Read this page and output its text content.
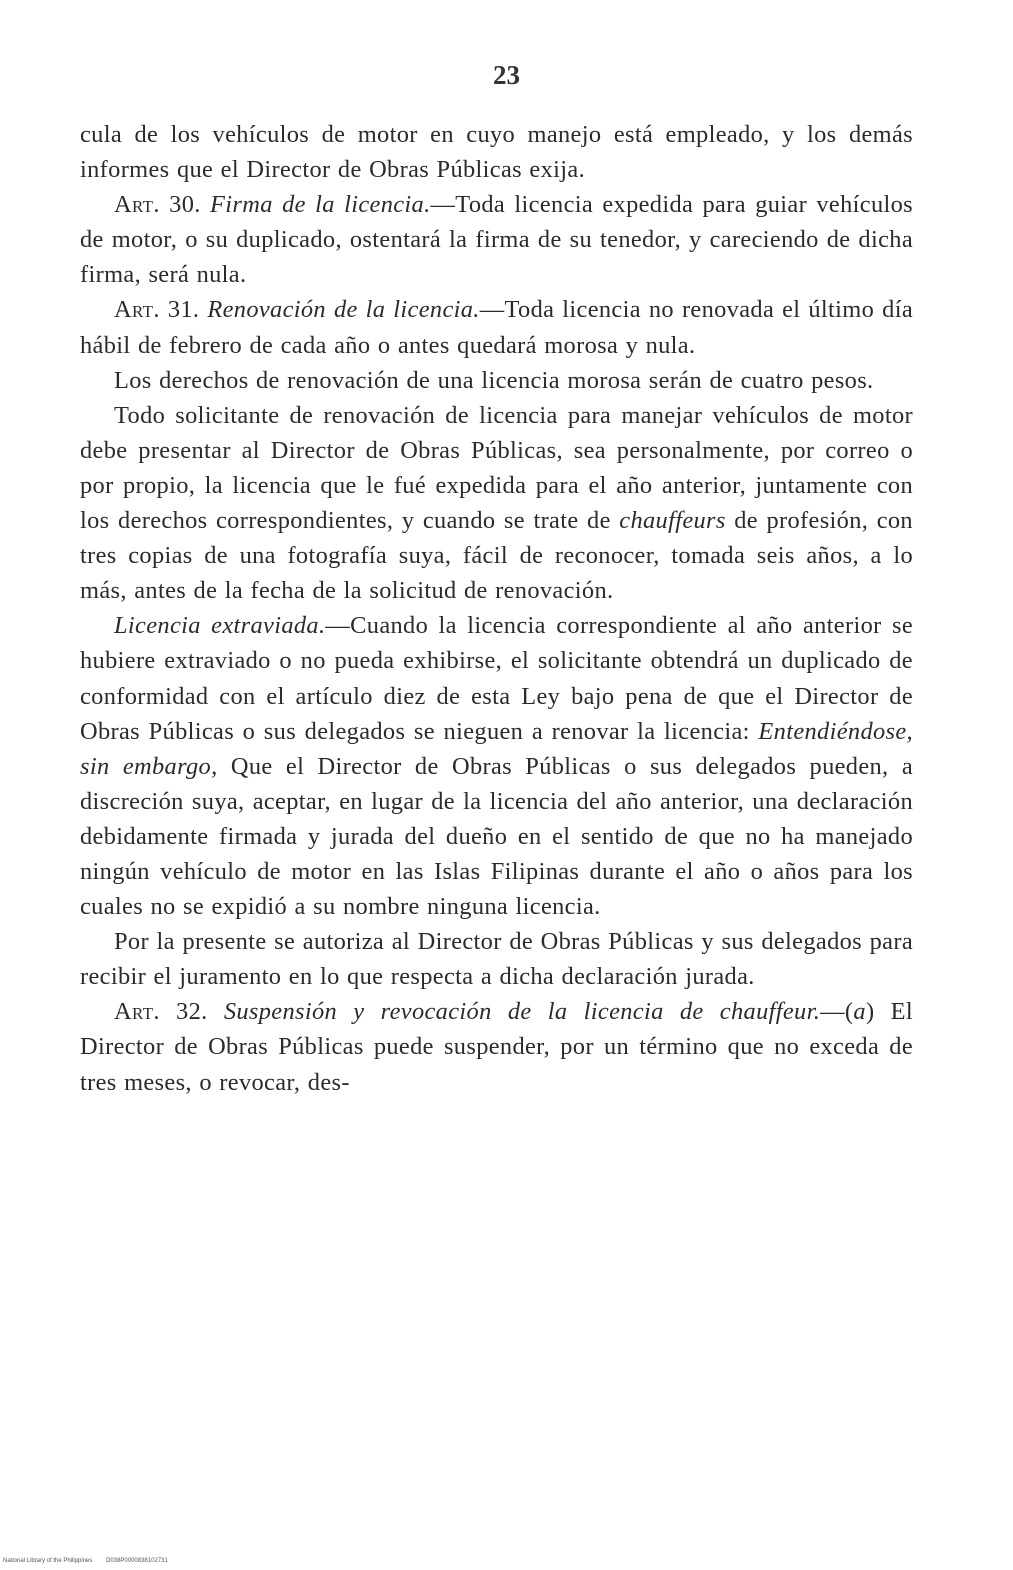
23

cula de los vehículos de motor en cuyo manejo está empleado, y los demás informes que el Director de Obras Públicas exija.

Art. 30. Firma de la licencia.—Toda licencia expedida para guiar vehículos de motor, o su duplicado, ostentará la firma de su tenedor, y careciendo de dicha firma, será nula.

Art. 31. Renovación de la licencia.—Toda licencia no renovada el último día hábil de febrero de cada año o antes quedará morosa y nula.

Los derechos de renovación de una licencia morosa serán de cuatro pesos.

Todo solicitante de renovación de licencia para manejar vehículos de motor debe presentar al Director de Obras Públicas, sea personalmente, por correo o por propio, la licencia que le fué expedida para el año anterior, juntamente con los derechos correspondientes, y cuando se trate de chauffeurs de profesión, con tres copias de una fotografía suya, fácil de reconocer, tomada seis años, a lo más, antes de la fecha de la solicitud de renovación.

Licencia extraviada.—Cuando la licencia correspondiente al año anterior se hubiere extraviado o no pueda exhibirse, el solicitante obtendrá un duplicado de conformidad con el artículo diez de esta Ley bajo pena de que el Director de Obras Públicas o sus delegados se nieguen a renovar la licencia: Entendiéndose, sin embargo, Que el Director de Obras Públicas o sus delegados pueden, a discreción suya, aceptar, en lugar de la licencia del año anterior, una declaración debidamente firmada y jurada del dueño en el sentido de que no ha manejado ningún vehículo de motor en las Islas Filipinas durante el año o años para los cuales no se expidió a su nombre ninguna licencia.

Por la presente se autoriza al Director de Obras Públicas y sus delegados para recibir el juramento en lo que respecta a dicha declaración jurada.

Art. 32. Suspensión y revocación de la licencia de chauffeur.—(a) El Director de Obras Públicas puede suspender, por un término que no exceda de tres meses, o revocar, des-

National Library of the Philippines D038P0000838102731
